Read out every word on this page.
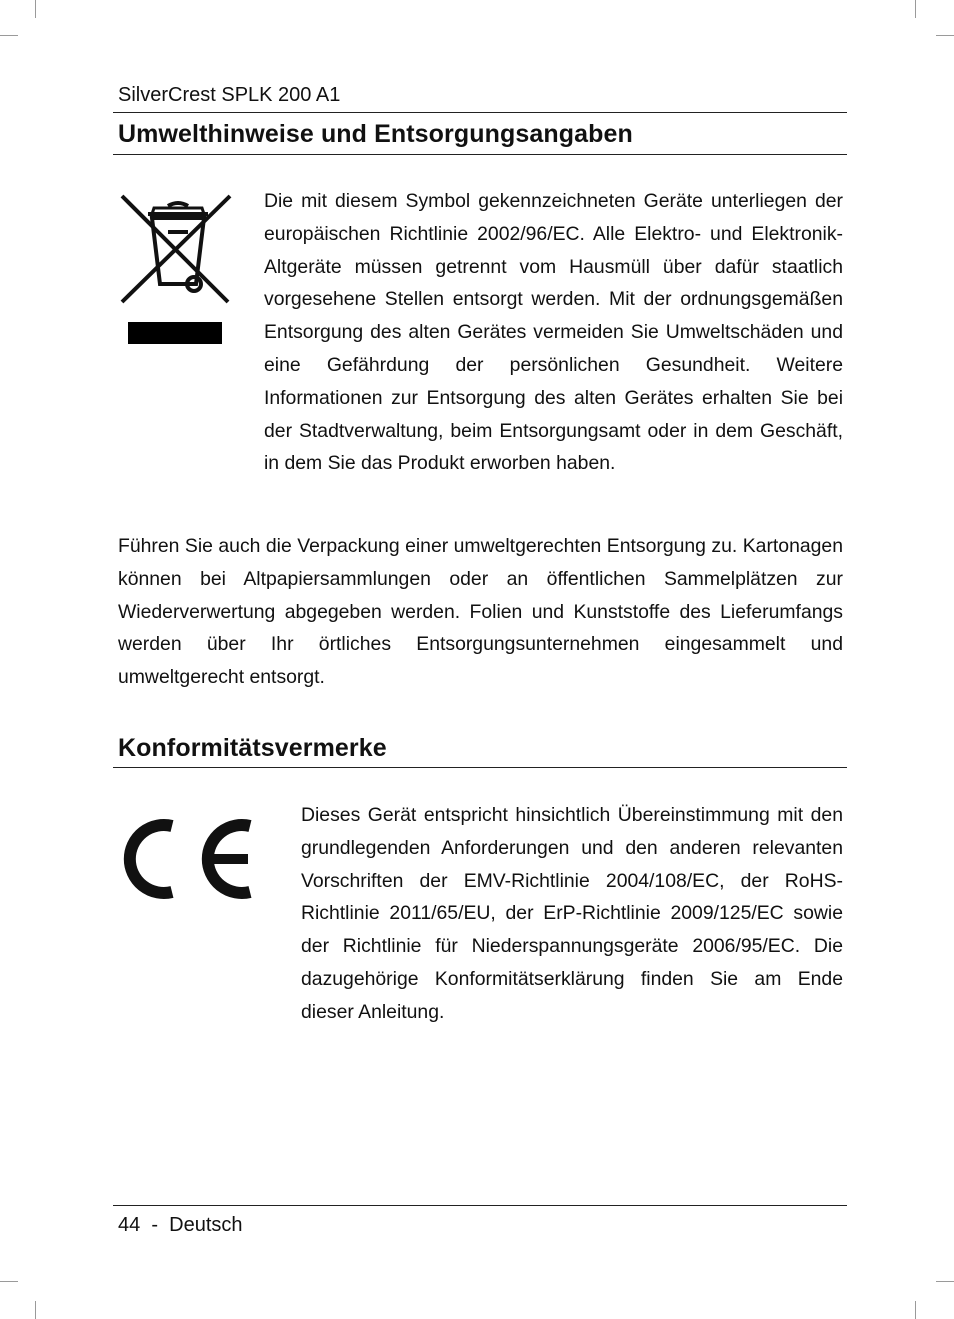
SilverCrest SPLK 200 A1
Umwelthinweise und Entsorgungsangaben

Die mit diesem Symbol gekennzeichneten Geräte unterliegen der europäischen Richtlinie 2002/96/EC. Alle Elektro- und Elektronik-Altgeräte müssen getrennt vom Hausmüll über dafür staatlich vorgesehene Stellen entsorgt werden. Mit der ordnungsgemäßen Entsorgung des alten Gerätes vermeiden Sie Umweltschäden und eine Gefährdung der persönlichen Gesundheit. Weitere Informationen zur Entsorgung des alten Gerätes erhalten Sie bei der Stadtverwaltung, beim Entsorgungsamt oder in dem Geschäft, in dem Sie das Produkt erworben haben.

Führen Sie auch die Verpackung einer umweltgerechten Entsorgung zu. Kartonagen können bei Altpapiersammlungen oder an öffentlichen Sammelplätzen zur Wiederverwertung abgegeben werden. Folien und Kunststoffe des Lieferumfangs werden über Ihr örtliches Entsorgungsunternehmen eingesammelt und umweltgerecht entsorgt.

Konformitätsvermerke

Dieses Gerät entspricht hinsichtlich Übereinstimmung mit den grundlegenden Anforderungen und den anderen relevanten Vorschriften der EMV-Richtlinie 2004/108/EC, der RoHS-Richtlinie 2011/65/EU, der ErP-Richtlinie 2009/125/EC sowie der Richtlinie für Niederspannungsgeräte 2006/95/EC. Die dazugehörige Konformitätserklärung finden Sie am Ende dieser Anleitung.

44  -  Deutsch
